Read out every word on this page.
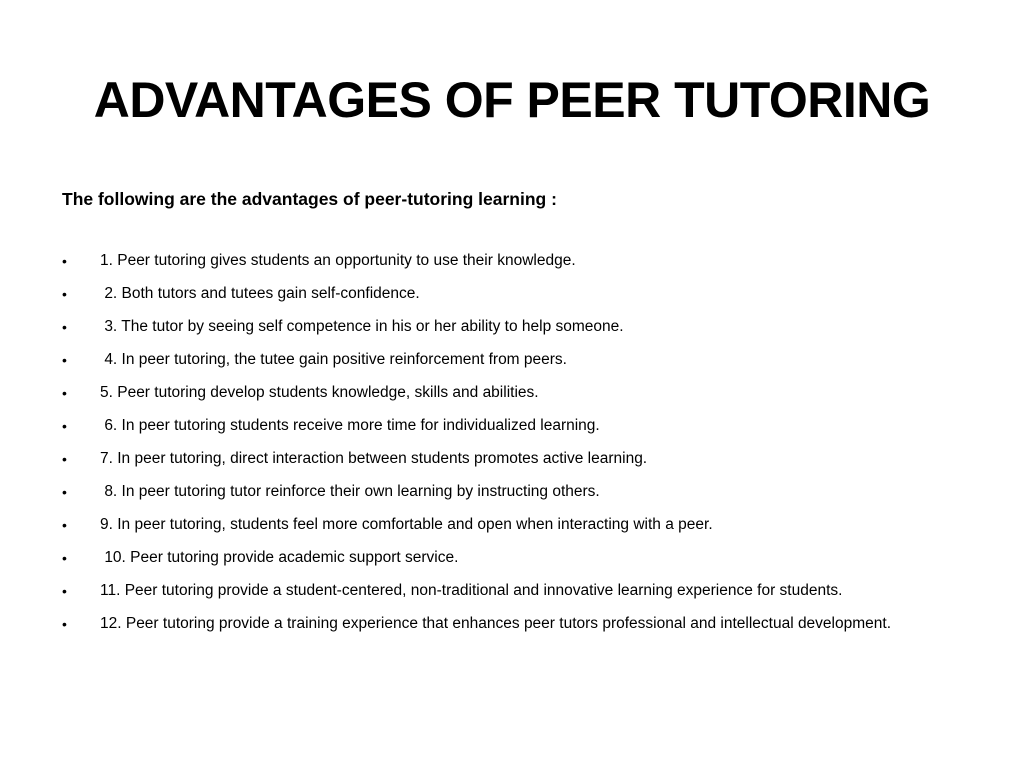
ADVANTAGES OF PEER TUTORING

The following are the advantages of peer-tutoring learning :

•	1. Peer tutoring gives students an opportunity to use their knowledge.
•	2. Both tutors and tutees gain self-confidence.
•	3. The tutor by seeing self competence in his or her ability to help someone.
•	4. In peer tutoring, the tutee gain positive reinforcement from peers.
•	5. Peer tutoring develop students knowledge, skills and abilities.
•	6. In peer tutoring students receive more time for individualized learning.
•	7. In peer tutoring, direct interaction between students promotes active learning.
•	8. In peer tutoring tutor reinforce their own learning by instructing others.
•	9. In peer tutoring, students feel more comfortable and open when interacting with a peer.
•	10. Peer tutoring provide academic support service.
•	11. Peer tutoring provide a student-centered, non-traditional and innovative learning experience for students.
•	12. Peer tutoring provide a training experience that enhances peer tutors professional and intellectual development.
